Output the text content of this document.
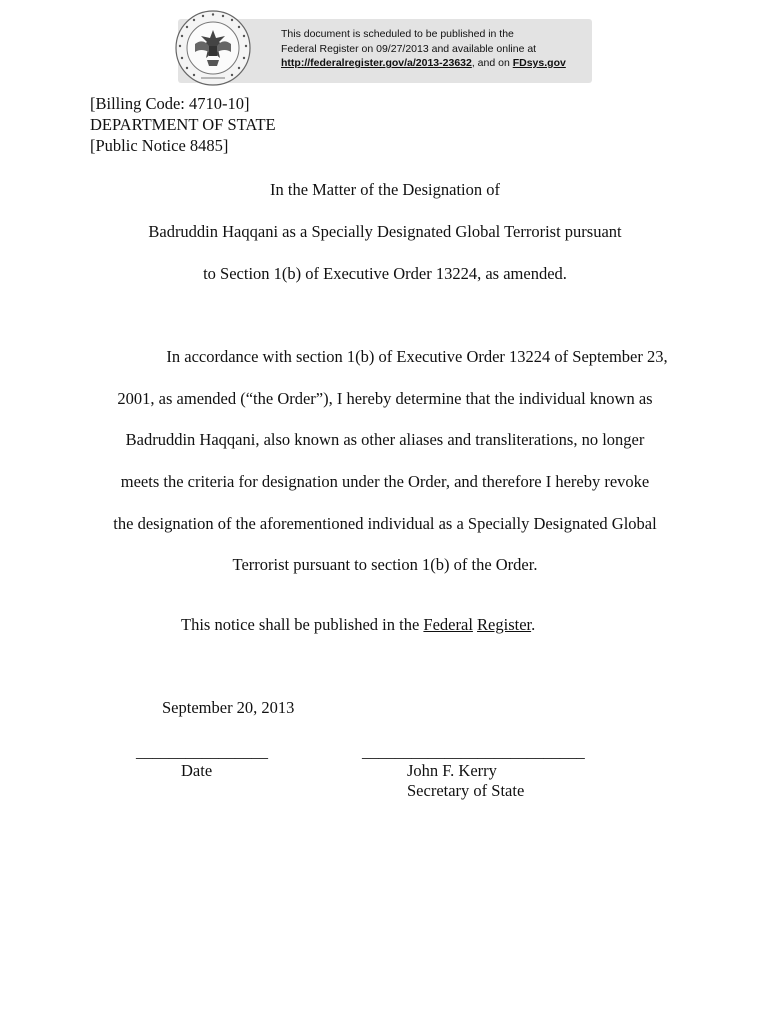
This document is scheduled to be published in the
Federal Register on 09/27/2013 and available online at
http://federalregister.gov/a/2013-23632, and on FDsys.gov
[Billing Code: 4710-10]
DEPARTMENT OF STATE
[Public Notice 8485]
In the Matter of the Designation of
Badruddin Haqqani as a Specially Designated Global Terrorist pursuant
to Section 1(b) of Executive Order 13224, as amended.
In accordance with section 1(b) of Executive Order 13224 of September 23,
2001, as amended (“the Order”), I hereby determine that the individual known as
Badruddin Haqqani, also known as other aliases and transliterations, no longer
meets the criteria for designation under the Order, and therefore I hereby revoke
the designation of the aforementioned individual as a Specially Designated Global
Terrorist pursuant to section 1(b) of the Order.
This notice shall be published in the Federal Register.
September 20, 2013
________________	___________________________
Date	John F. Kerry
Secretary of State
